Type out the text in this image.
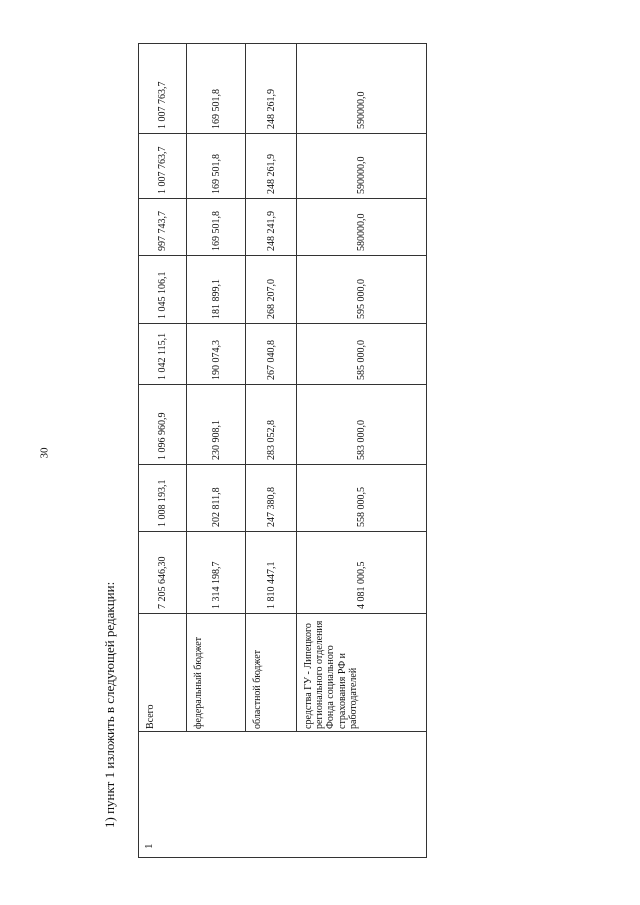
30
1) пункт 1 изложить в следующей редакции:
1	Всего	7 205 646,30	1 008 193,1	1 096 960,9	1 042 115,1	1 045 106,1	997 743,7	1 007 763,7	1 007 763,7
	федеральный бюджет	1 314 198,7	202 811,8	230 908,1	190 074,3	181 899,1	169 501,8	169 501,8	169 501,8
	областной бюджет	1 810 447,1	247 380,8	283 052,8	267 040,8	268 207,0	248 241,9	248 261,9	248 261,9
	средства ГУ - Липецкого регионального отделения Фонда социального страхования РФ и работодателей	4 081 000,5	558 000,5	583 000,0	585 000,0	595 000,0	580000,0	590000,0	590000,0
